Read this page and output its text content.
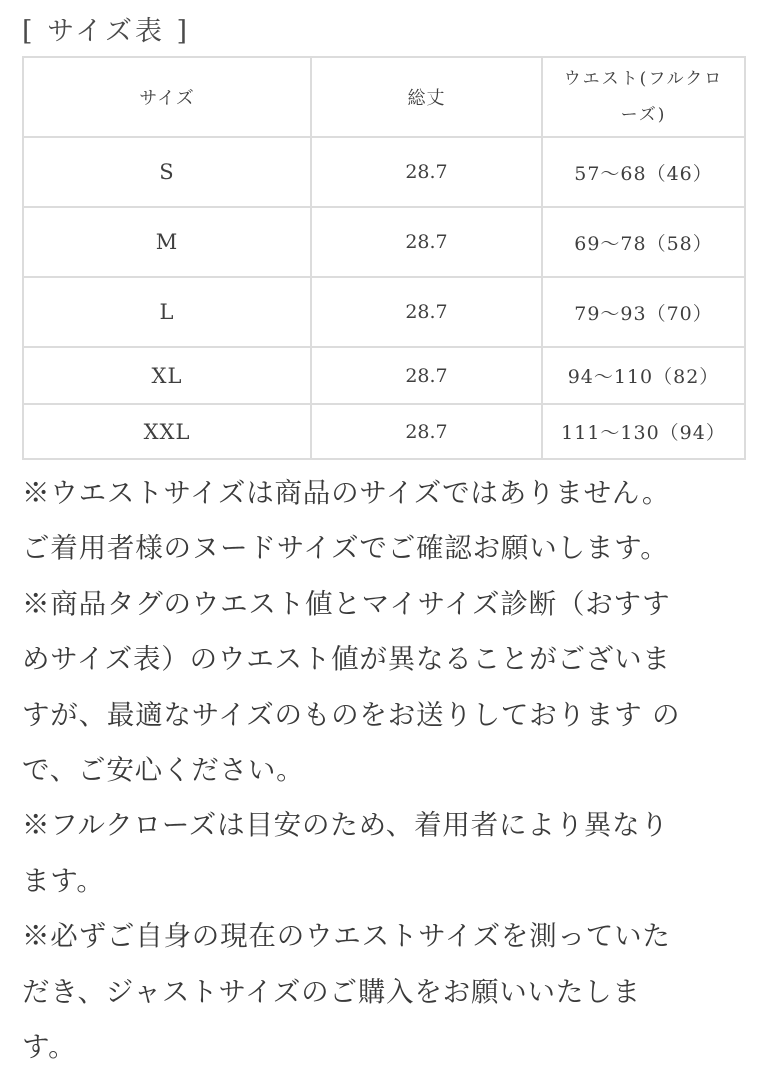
[ サイズ表 ]
サイズ	総丈	ウエスト(フルクロ
ーズ)

S	28.7	57～68（46）
M	28.7	69～78（58）
L	28.7	79～93（70）
XL	28.7	94～110（82）
XXL	28.7	111～130（94）

※ウエストサイズは商品のサイズではありません。

ご着用者様のヌードサイズでご確認お願いします。

※商品タグのウエスト値とマイサイズ診断（おすす

めサイズ表）のウエスト値が異なることがございま

すが、最適なサイズのものをお送りしております の

で、ご安心ください。

※フルクローズは目安のため、着用者により異なり

ます。

※必ずご自身の現在のウエストサイズを測っていた

だき、ジャストサイズのご購入をお願いいたしま

す。
